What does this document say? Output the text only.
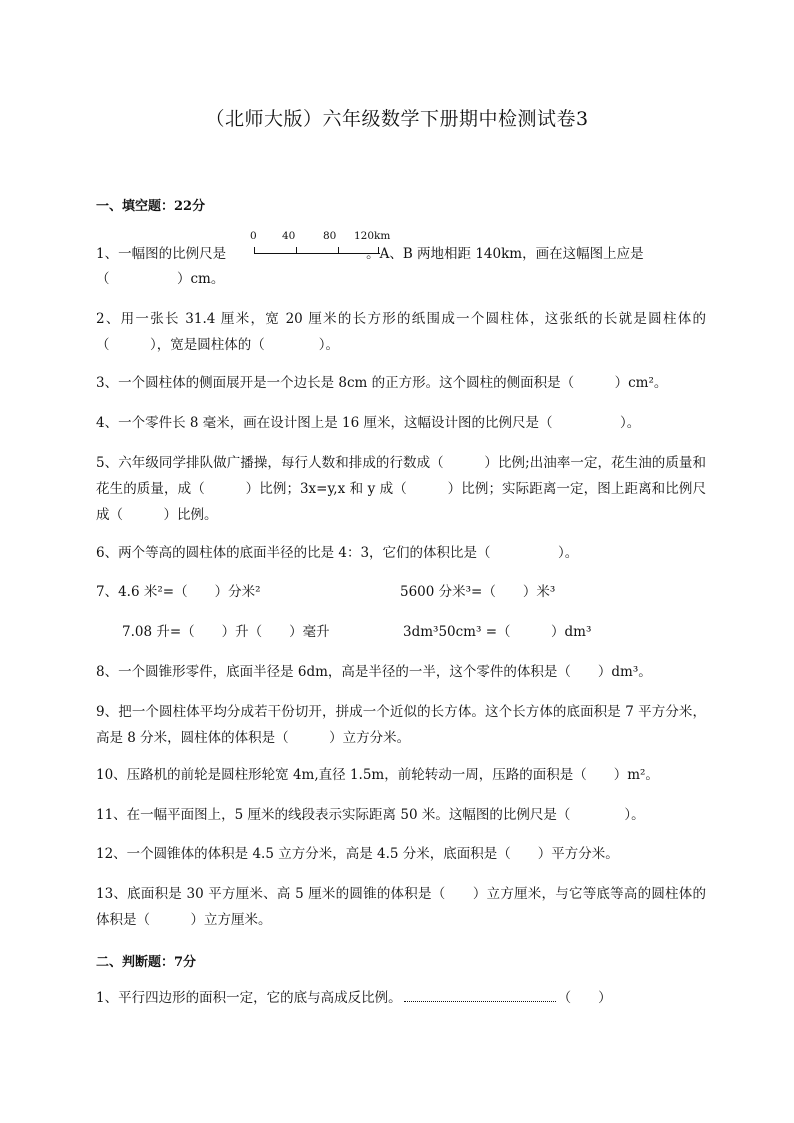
（北师大版）六年级数学下册期中检测试卷3
一、填空题：22分
0 40	80 120km
1、一幅图的比例尺是	。A、B 两地相距 140km，画在这幅图上应是
（　　　　　）cm。
2、用一张长 31.4 厘米，宽 20 厘米的长方形的纸围成一个圆柱体，这张纸的长就是圆柱体的（　　　），宽是圆柱体的（　　　　）。
3、一个圆柱体的侧面展开是一个边长是 8cm 的正方形。这个圆柱的侧面积是（　　　）cm²。
4、一个零件长 8 毫米，画在设计图上是 16 厘米，这幅设计图的比例尺是（　　　　　）。
5、六年级同学排队做广播操，每行人数和排成的行数成（　　　）比例;出油率一定，花生油的质量和花生的质量，成（　　　）比例；3x=y,x 和 y 成（　　　）比例；实际距离一定，图上距离和比例尺成（　　　）比例。
6、两个等高的圆柱体的底面半径的比是 4：3，它们的体积比是（　　　　　）。
7、4.6 米²=（　　）分米²	5600 分米³=（　　）米³
7.08 升=（　　）升（　　）毫升	3dm³50cm³ =（　　　）dm³
8、一个圆锥形零件，底面半径是 6dm，高是半径的一半，这个零件的体积是（　　）dm³。
9、把一个圆柱体平均分成若干份切开，拼成一个近似的长方体。这个长方体的底面积是 7 平方分米，高是 8 分米，圆柱体的体积是（　　　）立方分米。
10、压路机的前轮是圆柱形轮宽 4m,直径 1.5m，前轮转动一周，压路的面积是（　　）m²。
11、在一幅平面图上，5 厘米的线段表示实际距离 50 米。这幅图的比例尺是（　　　　）。
12、一个圆锥体的体积是 4.5 立方分米，高是 4.5 分米，底面积是（　　）平方分米。
13、底面积是 30 平方厘米、高 5 厘米的圆锥的体积是（　　）立方厘米，与它等底等高的圆柱体的体积是（　　　）立方厘米。
二、判断题：7分
1、平行四边形的面积一定，它的底与高成反比例。	（　　）
